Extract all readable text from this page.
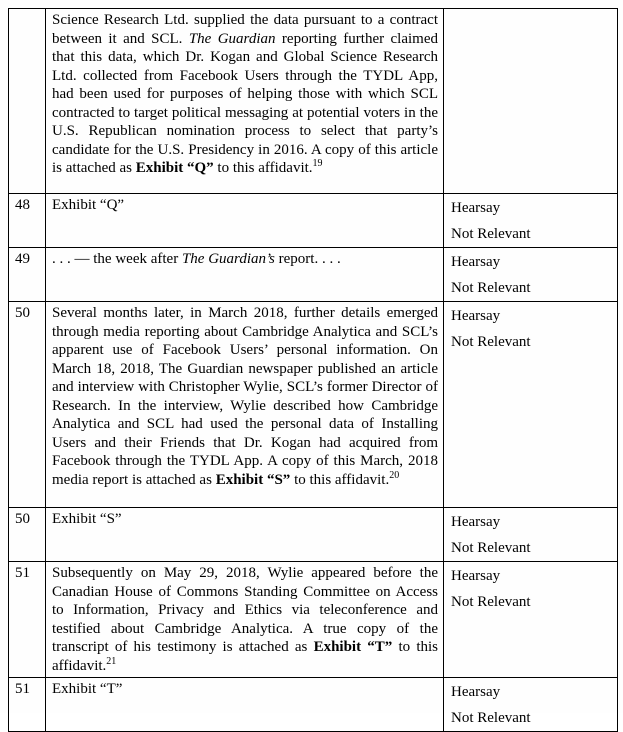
	Science Research Ltd. supplied the data pursuant to a contract between it and SCL. The Guardian reporting further claimed that this data, which Dr. Kogan and Global Science Research Ltd. collected from Facebook Users through the TYDL App, had been used for purposes of helping those with which SCL contracted to target political messaging at potential voters in the U.S. Republican nomination process to select that party’s candidate for the U.S. Presidency in 2016. A copy of this article is attached as Exhibit “Q” to this affidavit.$^{19}$	
48	Exhibit “Q”	Hearsay
Not Relevant

49	. . . — the week after The Guardian’s report. . . .	Hearsay
Not Relevant

50	Several months later, in March 2018, further details emerged through media reporting about Cambridge Analytica and SCL’s apparent use of Facebook Users’ personal information. On March 18, 2018, The Guardian newspaper published an article and interview with Christopher Wylie, SCL’s former Director of Research. In the interview, Wylie described how Cambridge Analytica and SCL had used the personal data of Installing Users and their Friends that Dr. Kogan had acquired from Facebook through the TYDL App. A copy of this March, 2018 media report is attached as Exhibit “S” to this affidavit.$^{20}$	Hearsay
Not Relevant

50	Exhibit “S”	Hearsay
Not Relevant

51	Subsequently on May 29, 2018, Wylie appeared before the Canadian House of Commons Standing Committee on Access to Information, Privacy and Ethics via teleconference and testified about Cambridge Analytica. A true copy of the transcript of his testimony is attached as Exhibit “T” to this affidavit.$^{21}$	Hearsay
Not Relevant

51	Exhibit “T”	Hearsay
Not Relevant
